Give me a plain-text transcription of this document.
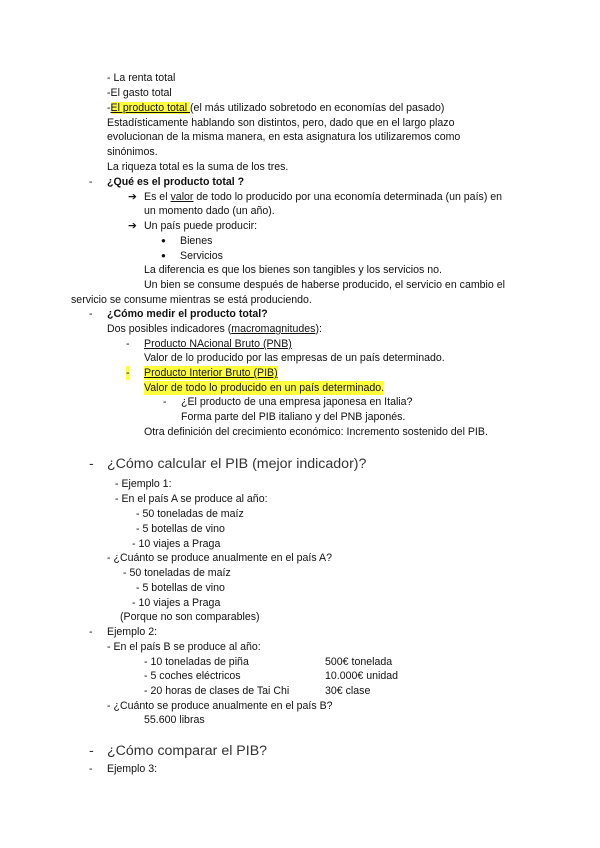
- La renta total
-El gasto total
-El producto total (el más utilizado sobretodo en economías del pasado)
Estadísticamente hablando son distintos, pero, dado que en el largo plazo
evolucionan de la misma manera, en esta asignatura los utilizaremos como
sinónimos.
La riqueza total es la suma de los tres.
- ¿Qué es el producto total ?
➔ Es el valor de todo lo producido por una economía determinada (un país) en
un momento dado (un año).
➔ Un país puede producir:
● Bienes
● Servicios
La diferencia es que los bienes son tangibles y los servicios no.
Un bien se consume después de haberse producido, el servicio en cambio el
servicio se consume mientras se está produciendo.
- ¿Cómo medir el producto total?
Dos posibles indicadores (macromagnitudes):
- Producto NAcional Bruto (PNB)
Valor de lo producido por las empresas de un país determinado.
- Producto Interior Bruto (PIB)
Valor de todo lo producido en un país determinado.
- ¿El producto de una empresa japonesa en Italia?
Forma parte del PIB italiano y del PNB japonés.
Otra definición del crecimiento económico: Incremento sostenido del PIB.
- ¿Cómo calcular el PIB (mejor indicador)?
- Ejemplo 1:
- En el país A se produce al año:
- 50 toneladas de maíz
- 5 botellas de vino
- 10 viajes a Praga
- ¿Cuánto se produce anualmente en el país A?
- 50 toneladas de maíz
- 5 botellas de vino
- 10 viajes a Praga
(Porque no son comparables)
- Ejemplo 2:
- En el país B se produce al año:
- 10 toneladas de piña	500€ tonelada
- 5 coches eléctricos	10.000€ unidad
- 20 horas de clases de Tai Chi	30€ clase
- ¿Cuánto se produce anualmente en el país B?
55.600 libras
- ¿Cómo comparar el PIB?
- Ejemplo 3:
